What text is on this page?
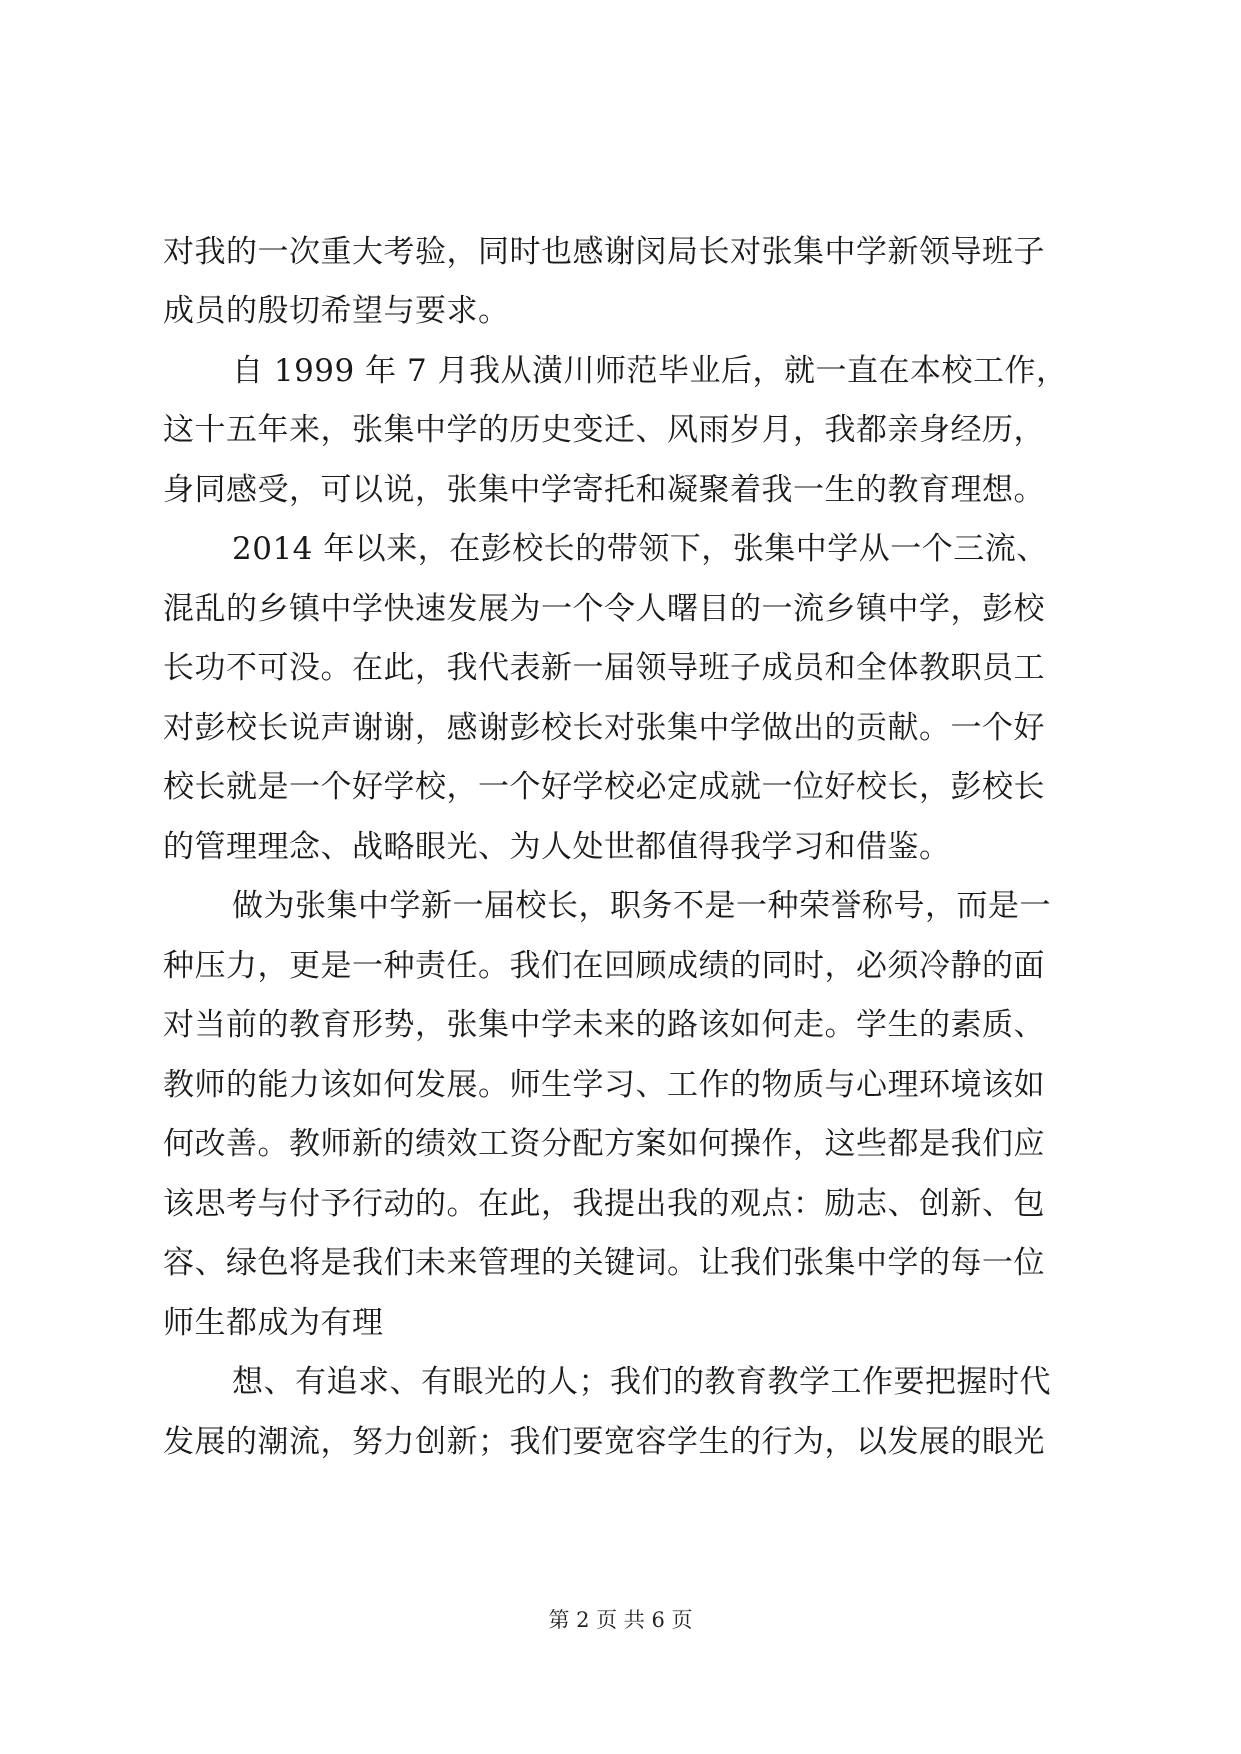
对我的一次重大考验，同时也感谢闵局长对张集中学新领导班子
成员的殷切希望与要求。
自 1999 年 7 月我从潢川师范毕业后，就一直在本校工作，
这十五年来，张集中学的历史变迁、风雨岁月，我都亲身经历，
身同感受，可以说，张集中学寄托和凝聚着我一生的教育理想。
2014 年以来，在彭校长的带领下，张集中学从一个三流、
混乱的乡镇中学快速发展为一个令人曙目的一流乡镇中学，彭校
长功不可没。在此，我代表新一届领导班子成员和全体教职员工
对彭校长说声谢谢，感谢彭校长对张集中学做出的贡献。一个好
校长就是一个好学校，一个好学校必定成就一位好校长，彭校长
的管理理念、战略眼光、为人处世都值得我学习和借鉴。
做为张集中学新一届校长，职务不是一种荣誉称号，而是一
种压力，更是一种责任。我们在回顾成绩的同时，必须冷静的面
对当前的教育形势，张集中学未来的路该如何走。学生的素质、
教师的能力该如何发展。师生学习、工作的物质与心理环境该如
何改善。教师新的绩效工资分配方案如何操作，这些都是我们应
该思考与付予行动的。在此，我提出我的观点：励志、创新、包
容、绿色将是我们未来管理的关键词。让我们张集中学的每一位
师生都成为有理
想、有追求、有眼光的人；我们的教育教学工作要把握时代
发展的潮流，努力创新；我们要宽容学生的行为，以发展的眼光
第 2 页 共 6 页
